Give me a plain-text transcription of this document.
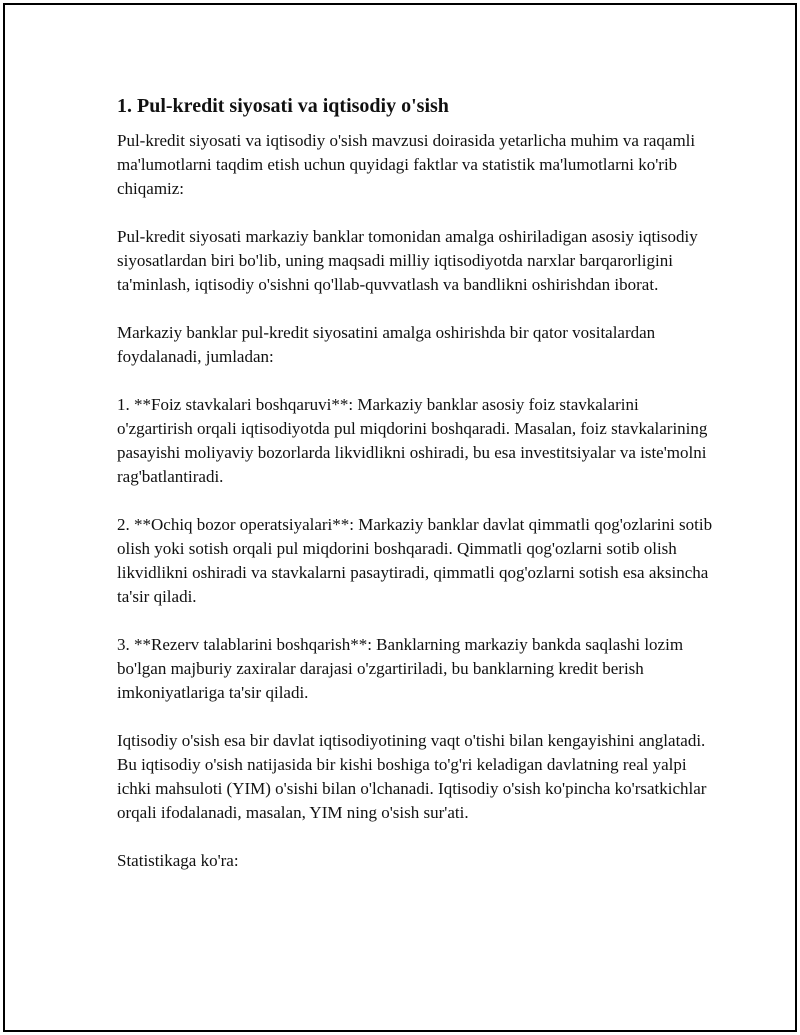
1. Pul-kredit siyosati va iqtisodiy o'sish

Pul-kredit siyosati va iqtisodiy o'sish mavzusi doirasida yetarlicha muhim va raqamli ma'lumotlarni taqdim etish uchun quyidagi faktlar va statistik ma'lumotlarni ko'rib chiqamiz:

Pul-kredit siyosati markaziy banklar tomonidan amalga oshiriladigan asosiy iqtisodiy siyosatlardan biri bo'lib, uning maqsadi milliy iqtisodiyotda narxlar barqarorligini ta'minlash, iqtisodiy o'sishni qo'llab-quvvatlash va bandlikni oshirishdan iborat.

Markaziy banklar pul-kredit siyosatini amalga oshirishda bir qator vositalardan foydalanadi, jumladan:

1. **Foiz stavkalari boshqaruvi**: Markaziy banklar asosiy foiz stavkalarini o'zgartirish orqali iqtisodiyotda pul miqdorini boshqaradi. Masalan, foiz stavkalarining pasayishi moliyaviy bozorlarda likvidlikni oshiradi, bu esa investitsiyalar va iste'molni rag'batlantiradi.

2. **Ochiq bozor operatsiyalari**: Markaziy banklar davlat qimmatli qog'ozlarini sotib olish yoki sotish orqali pul miqdorini boshqaradi. Qimmatli qog'ozlarni sotib olish likvidlikni oshiradi va stavkalarni pasaytiradi, qimmatli qog'ozlarni sotish esa aksincha ta'sir qiladi.

3. **Rezerv talablarini boshqarish**: Banklarning markaziy bankda saqlashi lozim bo'lgan majburiy zaxiralar darajasi o'zgartiriladi, bu banklarning kredit berish imkoniyatlariga ta'sir qiladi.

Iqtisodiy o'sish esa bir davlat iqtisodiyotining vaqt o'tishi bilan kengayishini anglatadi. Bu iqtisodiy o'sish natijasida bir kishi boshiga to'g'ri keladigan davlatning real yalpi ichki mahsuloti (YIM) o'sishi bilan o'lchanadi. Iqtisodiy o'sish ko'pincha ko'rsatkichlar orqali ifodalanadi, masalan, YIM ning o'sish sur'ati.

Statistikaga ko'ra:
